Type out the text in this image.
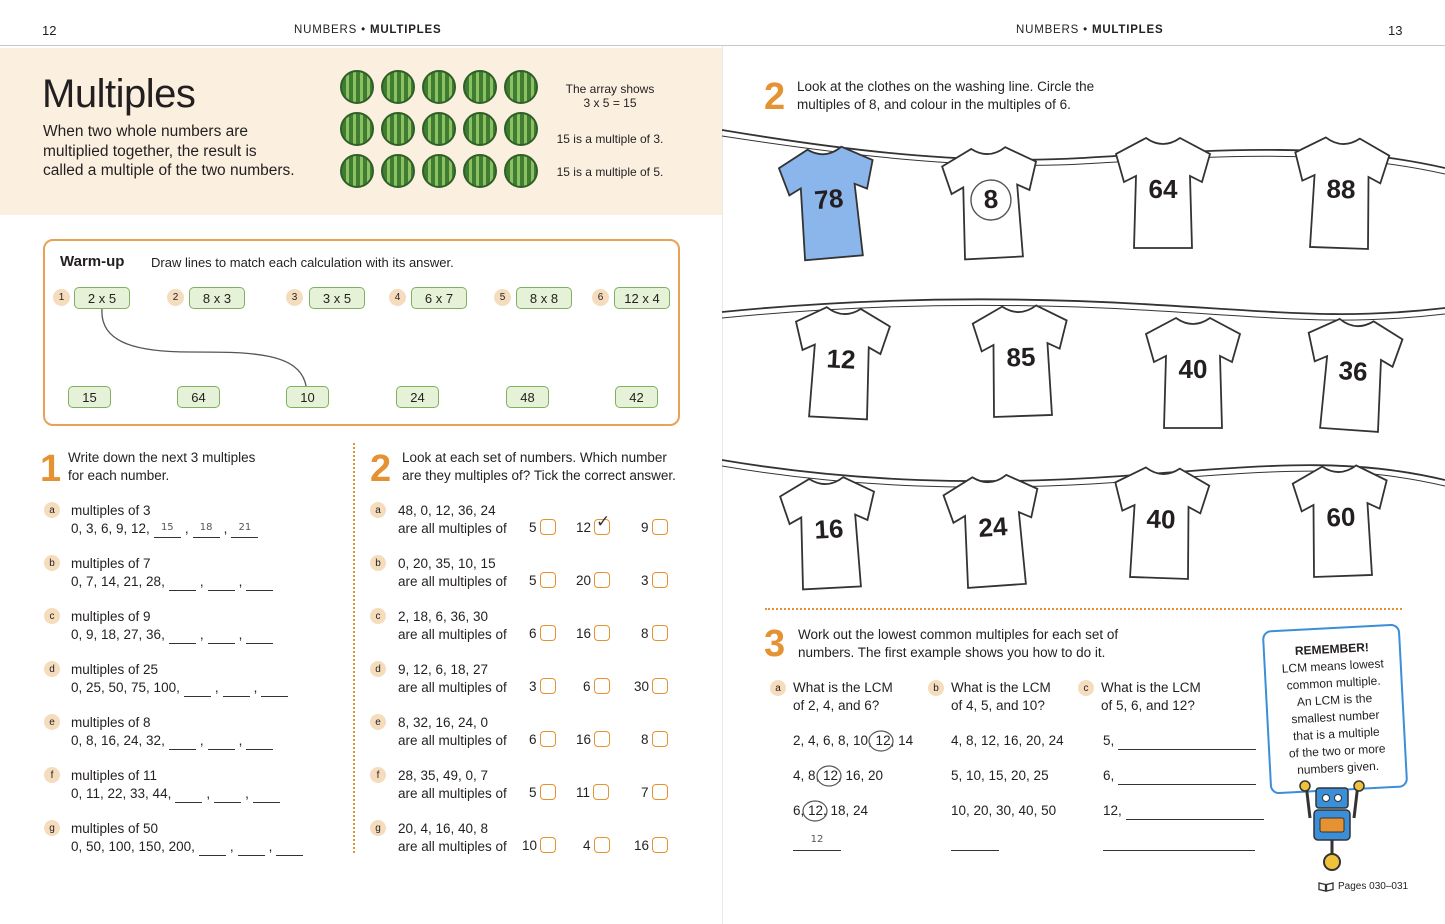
12	NUMBERS • MULTIPLES	NUMBERS • MULTIPLES	13
Multiples
When two whole numbers are
multiplied together, the result is
called a multiple of the two numbers.
The array shows
3 x 5 = 15
15 is a multiple of 3.
15 is a multiple of 5.
Warm-up Draw lines to match each calculation with its answer.
1	2 x 5	2	8 x 3	3	3 x 5	4	6 x 7	5	8 x 8	6	12 x 4
15	64	10	24	48	42
1 Write down the next 3 multiples
for each number.
a	multiples of 3
0, 3, 6, 9, 12,	15 ,	18 ,	21
b	multiples of 7
0, 7, 14, 21, 28,	,	,
c	multiples of 9
0, 9, 18, 27, 36,	,	,
d	multiples of 25
0, 25, 50, 75, 100,	,	,
e	multiples of 8
0, 8, 16, 24, 32,	,	,
f	multiples of 11
0, 11, 22, 33, 44,	,	,
g	multiples of 50
0, 50, 100, 150, 200,	,	,
2 Look at each set of numbers. Which number
are they multiples of? Tick the correct answer.
a	48, 0, 12, 36, 24
are all multiples of 5	12 ✓ 9
b	0, 20, 35, 10, 15
are all multiples of 5	20	3
c	2, 18, 6, 36, 30
are all multiples of 6	16	8
d	9, 12, 6, 18, 27
are all multiples of 3	6	30
e	8, 32, 16, 24, 0
are all multiples of 6	16	8
f	28, 35, 49, 0, 7
are all multiples of 5	11	7
g	20, 4, 16, 40, 8
are all multiples of 10	4	16
2 Look at the clothes on the washing line. Circle the
multiples of 8, and colour in the multiples of 6.
78	8	64	88
12	85	40	36
16	24	40	60
3 Work out the lowest common multiples for each set of
numbers. The first example shows you how to do it.
a What is the LCM
of 2, 4, and 6?
2, 4, 6, 8, 10, 12, 14
4, 8, 12, 16, 20
6, 12, 18, 24
12
b What is the LCM
of 4, 5, and 10?
4, 8, 12, 16, 20, 24
5, 10, 15, 20, 25
10, 20, 30, 40, 50
c What is the LCM
of 5, 6, and 12?
5,
6,
12,
REMEMBER!
LCM means lowest
common multiple.
An LCM is the
smallest number
that is a multiple
of the two or more
numbers given.
Pages 030–031
